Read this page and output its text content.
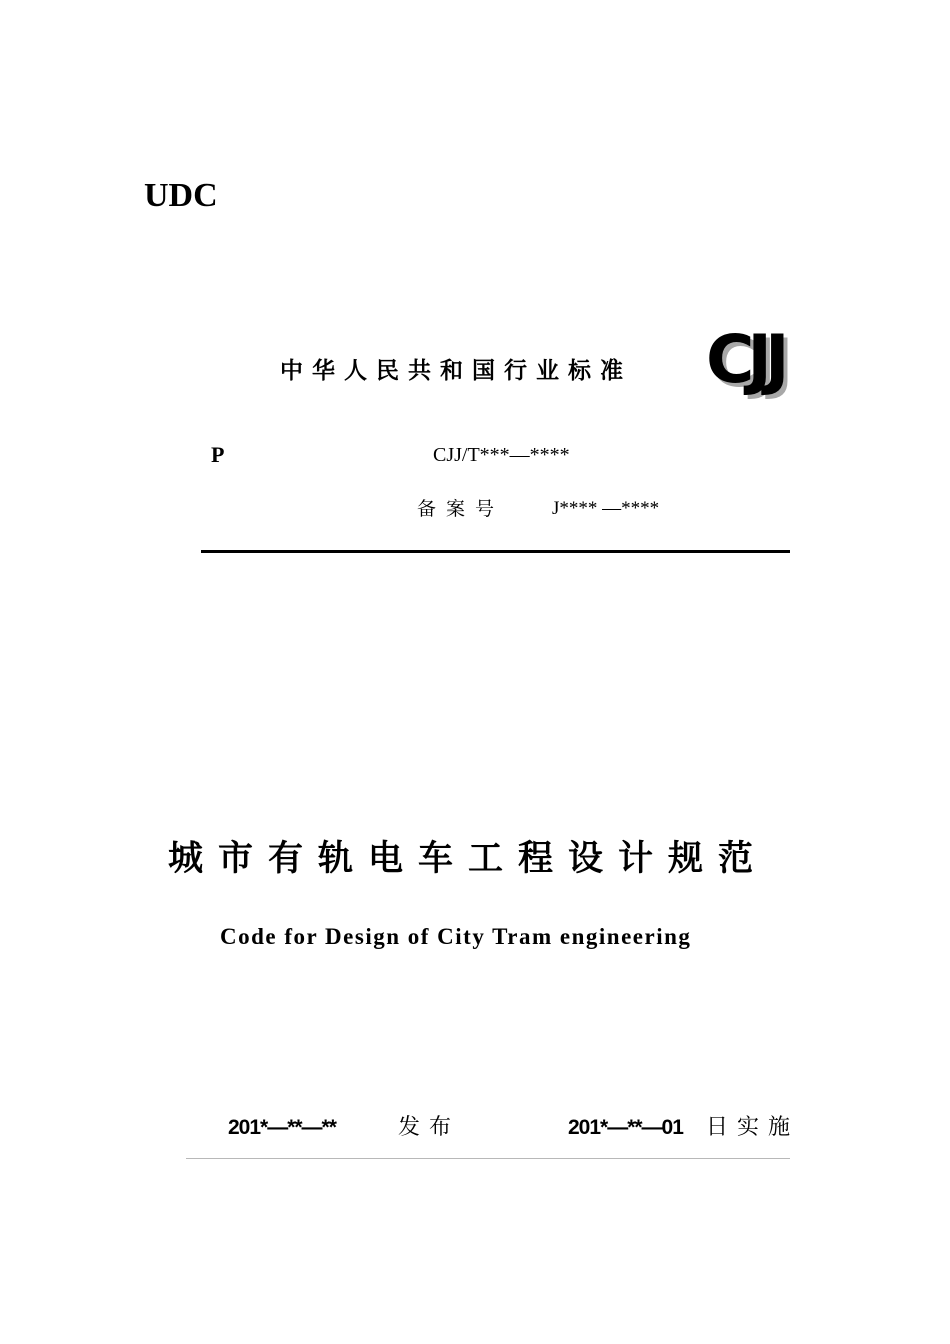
UDC
中华人民共和国行业标准 CJJ
P	CJJ/T***—****
备案号	J**** —****
城市有轨电车工程设计规范
Code for Design of City Tram engineering
201*—**—**	发布	201*—**—01 日实施
